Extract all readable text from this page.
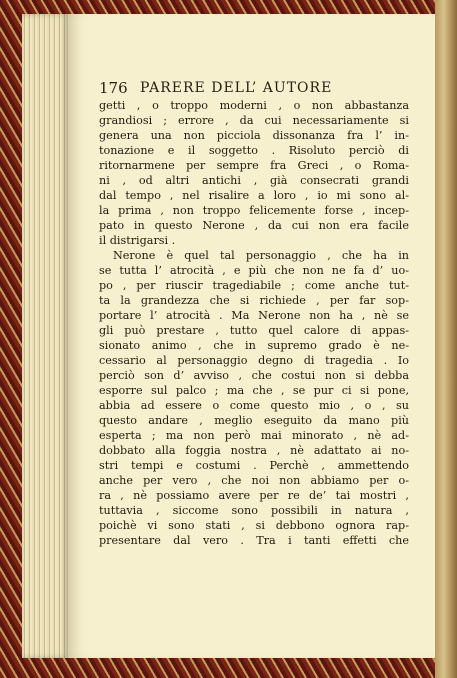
176 PARERE DELL’ AUTORE
getti , o troppo moderni , o non abbastanza
grandiosi ; errore , da cui necessariamente si
genera una non picciola dissonanza fra l’ in-
tonazione e il soggetto . Risoluto perciò di
ritornarmene per sempre fra Greci , o Roma-
ni , od altri antichi , già consecrati grandi
dal tempo , nel risalire a loro , io mi sono al-
la prima , non troppo felicemente forse , incep-
pato in questo Nerone , da cui non era facile
il distrigarsi .
Nerone è quel tal personaggio , che ha in
se tutta l’ atrocità , e più che non ne fa d’ uo-
po , per riuscir tragediabile ; come anche tut-
ta la grandezza che si richiede , per far sop-
portare l’ atrocità . Ma Nerone non ha , nè se
gli può prestare , tutto quel calore di appas-
sionato animo , che in supremo grado è ne-
cessario al personaggio degno di tragedia . Io
perciò son d’ avviso , che costui non si debba
esporre sul palco ; ma che , se pur ci si pone,
abbia ad essere o come questo mio , o , su
questo andare , meglio eseguito da mano più
esperta ; ma non però mai minorato , nè ad-
dobbato alla foggia nostra , nè adattato ai no-
stri tempi e costumi . Perchè , ammettendo
anche per vero , che noi non abbiamo per o-
ra , nè possiamo avere per re de’ tai mostri ,
tuttavia , siccome sono possibili in natura ,
poichè vi sono stati , si debbono ognora rap-
presentare dal vero . Tra i tanti effetti che
